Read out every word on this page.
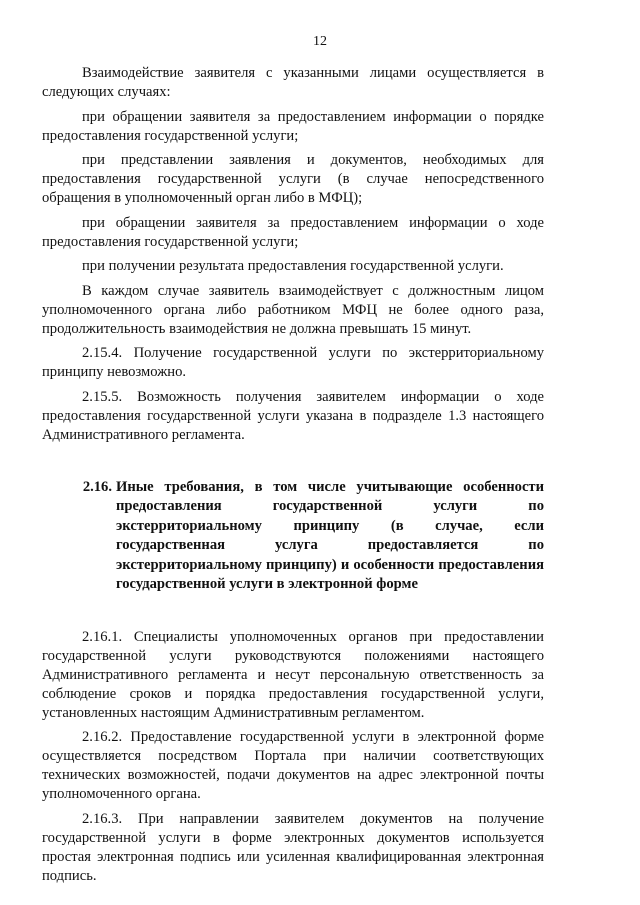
12

Взаимодействие заявителя с указанными лицами осуществляется в следующих случаях:

при обращении заявителя за предоставлением информации о порядке предоставления государственной услуги;

при представлении заявления и документов, необходимых для предоставления государственной услуги (в случае непосредственного обращения в уполномоченный орган либо в МФЦ);

при обращении заявителя за предоставлением информации о ходе предоставления государственной услуги;

при получении результата предоставления государственной услуги.

В каждом случае заявитель взаимодействует с должностным лицом уполномоченного органа либо работником МФЦ не более одного раза, продолжительность взаимодействия не должна превышать 15 минут.

2.15.4. Получение государственной услуги по экстерриториальному принципу невозможно.

2.15.5. Возможность получения заявителем информации о ходе предоставления государственной услуги указана в подразделе 1.3 настоящего Административного регламента.

2.16. Иные требования, в том числе учитывающие особенности предоставления государственной услуги по экстерриториальному принципу (в случае, если государственная услуга предоставляется по экстерриториальному принципу) и особенности предоставления государственной услуги в электронной форме

2.16.1. Специалисты уполномоченных органов при предоставлении государственной услуги руководствуются положениями настоящего Административного регламента и несут персональную ответственность за соблюдение сроков и порядка предоставления государственной услуги, установленных настоящим Административным регламентом.

2.16.2. Предоставление государственной услуги в электронной форме осуществляется посредством Портала при наличии соответствующих технических возможностей, подачи документов на адрес электронной почты уполномоченного органа.

2.16.3. При направлении заявителем документов на получение государственной услуги в форме электронных документов используется простая электронная подпись или усиленная квалифицированная электронная подпись.
